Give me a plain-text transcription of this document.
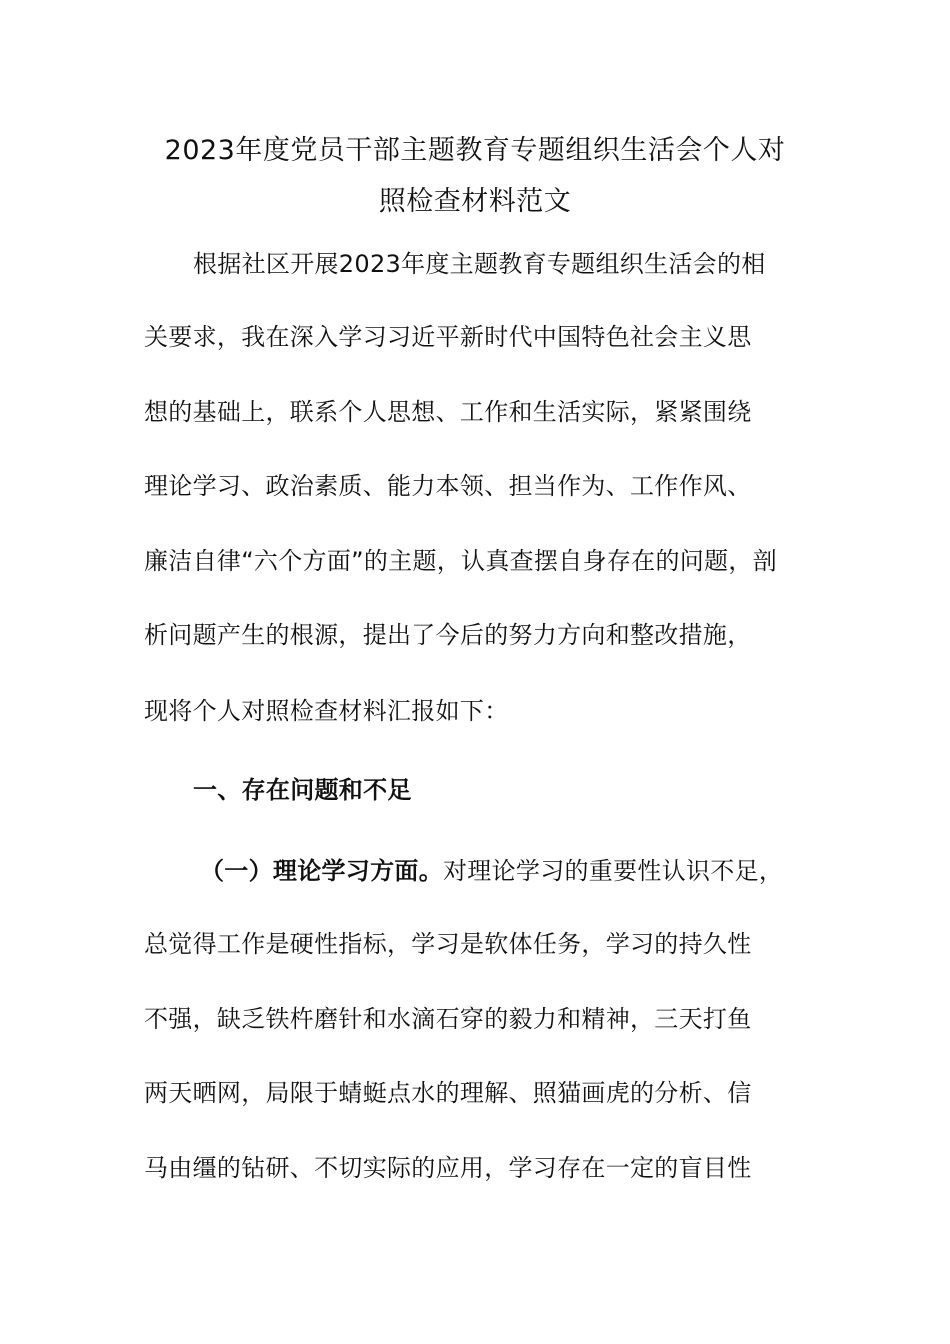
2023年度党员干部主题教育专题组织生活会个人对
照检查材料范文
根据社区开展2023年度主题教育专题组织生活会的相
关要求，我在深入学习习近平新时代中国特色社会主义思
想的基础上，联系个人思想、工作和生活实际，紧紧围绕
理论学习、政治素质、能力本领、担当作为、工作作风、
廉洁自律“六个方面”的主题，认真查摆自身存在的问题，剖
析问题产生的根源，提出了今后的努力方向和整改措施，
现将个人对照检查材料汇报如下：
一、存在问题和不足
（一）理论学习方面。对理论学习的重要性认识不足，
总觉得工作是硬性指标，学习是软体任务，学习的持久性
不强，缺乏铁杵磨针和水滴石穿的毅力和精神，三天打鱼
两天晒网，局限于蜻蜓点水的理解、照猫画虎的分析、信
马由缰的钻研、不切实际的应用，学习存在一定的盲目性
